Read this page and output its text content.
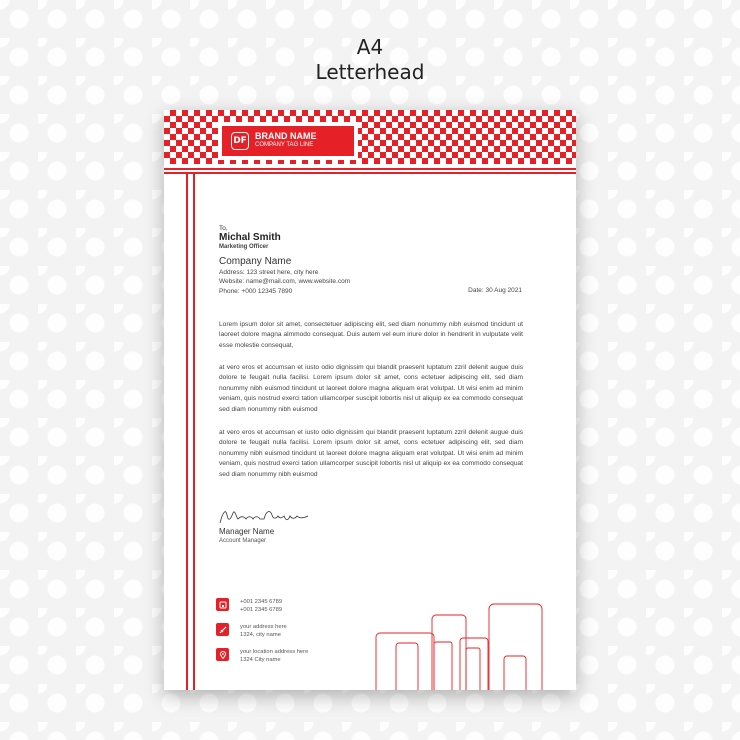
A4
Letterhead
DF BRAND NAME
COMPANY TAG LINE
To,
Michal Smith
Marketing Officer
Company Name
Address: 123 street here, city here
Website: name@mail.com, www.website.com
Phone: +000 12345 7890	Date: 30 Aug 2021
Lorem ipsum dolor sit amet, consectetuer adipiscing elit, sed diam nonummy nibh euismod tincidunt ut laoreet dolore magna almmodo consequat. Duis autem vel eum iriure dolor in hendrerit in vulputate velit esse molestie consequat,
at vero eros et accumsan et iusto odio dignissim qui blandit praesent luptatum zzril delenit augue duis dolore te feugait nulla facilisi. Lorem ipsum dolor sit amet, cons ectetuer adipiscing elit, sed diam nonummy nibh euismod tincidunt ut laoreet dolore magna aliquam erat volutpat. Ut wisi enim ad minim veniam, quis nostrud exerci tation ullamcorper suscipit lobortis nisl ut aliquip ex ea commodo consequat sed diam nonummy nibh euismod
at vero eros et accumsan et iusto odio dignissim qui blandit praesent luptatum zzril delenit augue duis dolore te feugait nulla facilisi. Lorem ipsum dolor sit amet, cons ectetuer adipiscing elit, sed diam nonummy nibh euismod tincidunt ut laoreet dolore magna aliquam erat volutpat. Ut wisi enim ad minim veniam, quis nostrud exerci tation ullamcorper suscipit lobortis nisl ut aliquip ex ea commodo consequat sed diam nonummy nibh euismod
Manager Name
Account Manager
+001 2345 6789
+001 2345 6789
your address here
1324, city name
your location address here
1324 City name
